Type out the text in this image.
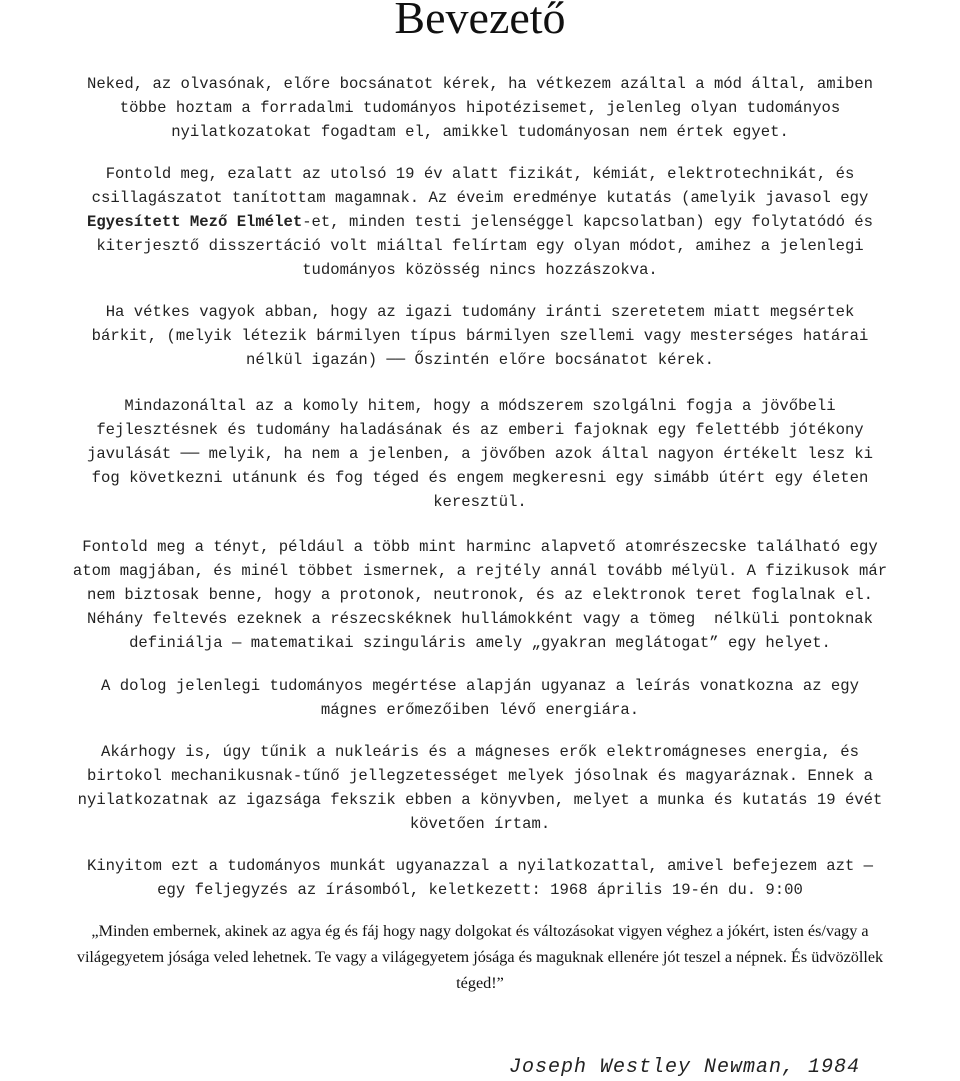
Bevezető
Neked, az olvasónak, előre bocsánatot kérek, ha vétkezem azáltal a mód által, amiben
többe hoztam a forradalmi tudományos hipotézisemet, jelenleg olyan tudományos
nyilatkozatokat fogadtam el, amikkel tudományosan nem értek egyet.
Fontold meg, ezalatt az utolsó 19 év alatt fizikát, kémiát, elektrotechnikát, és
csillagászatot tanítottam magamnak. Az éveim eredménye kutatás (amelyik javasol egy
Egyesített Mező Elmélet-et, minden testi jelenséggel kapcsolatban) egy folytatódó és
kiterjesztő disszertáció volt miáltal felírtam egy olyan módot, amihez a jelenlegi
tudományos közösség nincs hozzászokva.
Ha vétkes vagyok abban, hogy az igazi tudomány iránti szeretetem miatt megsértek
bárkit, (melyik létezik bármilyen típus bármilyen szellemi vagy mesterséges határai
nélkül igazán) ── Őszintén előre bocsánatot kérek.
Mindazonáltal az a komoly hitem, hogy a módszerem szolgálni fogja a jövőbeli
fejlesztésnek és tudomány haladásának és az emberi fajoknak egy felettébb jótékony
javulását ── melyik, ha nem a jelenben, a jövőben azok által nagyon értékelt lesz ki
fog következni utánunk és fog téged és engem megkeresni egy simább útért egy életen
keresztül.
Fontold meg a tényt, például a több mint harminc alapvető atomrészecske található egy
atom magjában, és minél többet ismernek, a rejtély annál tovább mélyül. A fizikusok már
nem biztosak benne, hogy a protonok, neutronok, és az elektronok teret foglalnak el.
Néhány feltevés ezeknek a részecskéknek hullámokként vagy a tömeg  nélküli pontoknak
definiálja — matematikai szinguláris amely „gyakran meglátogat” egy helyet.
A dolog jelenlegi tudományos megértése alapján ugyanaz a leírás vonatkozna az egy
mágnes erőmezőiben lévő energiára.
Akárhogy is, úgy tűnik a nukleáris és a mágneses erők elektromágneses energia, és
birtokol mechanikusnak-tűnő jellegzetességet melyek jósolnak és magyaráznak. Ennek a
nyilatkozatnak az igazsága fekszik ebben a könyvben, melyet a munka és kutatás 19 évét
követően írtam.
Kinyitom ezt a tudományos munkát ugyanazzal a nyilatkozattal, amivel befejezem azt —
egy feljegyzés az írásomból, keletkezett: 1968 április 19-én du. 9:00
„Minden embernek, akinek az agya ég és fáj hogy nagy dolgokat és változásokat vigyen véghez a jókért, isten és/vagy a
világegyetem jósága veled lehetnek. Te vagy a világegyetem jósága és maguknak ellenére jót teszel a népnek. És üdvözöllek
téged!”
Joseph Westley Newman, 1984
